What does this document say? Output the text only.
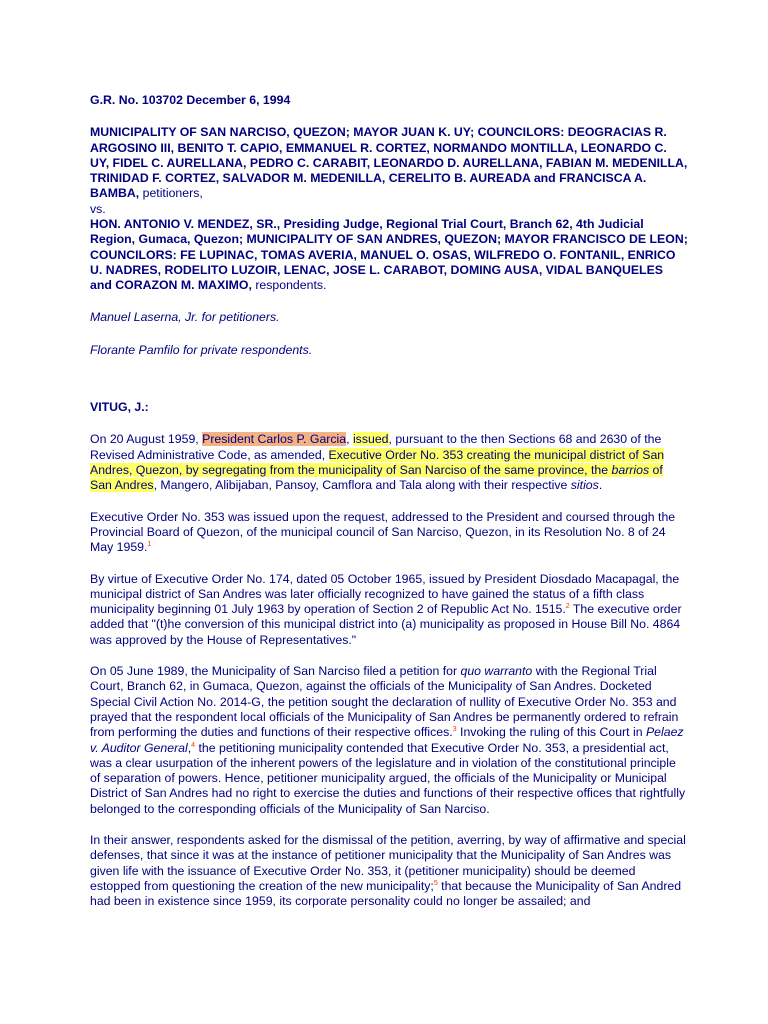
G.R. No. 103702 December 6, 1994

MUNICIPALITY OF SAN NARCISO, QUEZON; MAYOR JUAN K. UY; COUNCILORS: DEOGRACIAS R. ARGOSINO III, BENITO T. CAPIO, EMMANUEL R. CORTEZ, NORMANDO MONTILLA, LEONARDO C. UY, FIDEL C. AURELLANA, PEDRO C. CARABIT, LEONARDO D. AURELLANA, FABIAN M. MEDENILLA, TRINIDAD F. CORTEZ, SALVADOR M. MEDENILLA, CERELITO B. AUREADA and FRANCISCA A. BAMBA, petitioners,
vs.
HON. ANTONIO V. MENDEZ, SR., Presiding Judge, Regional Trial Court, Branch 62, 4th Judicial Region, Gumaca, Quezon; MUNICIPALITY OF SAN ANDRES, QUEZON; MAYOR FRANCISCO DE LEON; COUNCILORS: FE LUPINAC, TOMAS AVERIA, MANUEL O. OSAS, WILFREDO O. FONTANIL, ENRICO U. NADRES, RODELITO LUZOIR, LENAC, JOSE L. CARABOT, DOMING AUSA, VIDAL BANQUELES and CORAZON M. MAXIMO, respondents.

Manuel Laserna, Jr. for petitioners.

Florante Pamfilo for private respondents.

VITUG, J.:

On 20 August 1959, President Carlos P. Garcia, issued, pursuant to the then Sections 68 and 2630 of the Revised Administrative Code, as amended, Executive Order No. 353 creating the municipal district of San Andres, Quezon, by segregating from the municipality of San Narciso of the same province, the barrios of San Andres, Mangero, Alibijaban, Pansoy, Camflora and Tala along with their respective sitios.

Executive Order No. 353 was issued upon the request, addressed to the President and coursed through the Provincial Board of Quezon, of the municipal council of San Narciso, Quezon, in its Resolution No. 8 of 24 May 1959.$^1$

By virtue of Executive Order No. 174, dated 05 October 1965, issued by President Diosdado Macapagal, the municipal district of San Andres was later officially recognized to have gained the status of a fifth class municipality beginning 01 July 1963 by operation of Section 2 of Republic Act No. 1515.$^2$ The executive order added that "(t)he conversion of this municipal district into (a) municipality as proposed in House Bill No. 4864 was approved by the House of Representatives."

On 05 June 1989, the Municipality of San Narciso filed a petition for quo warranto with the Regional Trial Court, Branch 62, in Gumaca, Quezon, against the officials of the Municipality of San Andres. Docketed Special Civil Action No. 2014-G, the petition sought the declaration of nullity of Executive Order No. 353 and prayed that the respondent local officials of the Municipality of San Andres be permanently ordered to refrain from performing the duties and functions of their respective offices.$^3$ Invoking the ruling of this Court in Pelaez v. Auditor General,$^4$ the petitioning municipality contended that Executive Order No. 353, a presidential act, was a clear usurpation of the inherent powers of the legislature and in violation of the constitutional principle of separation of powers. Hence, petitioner municipality argued, the officials of the Municipality or Municipal District of San Andres had no right to exercise the duties and functions of their respective offices that rightfully belonged to the corresponding officials of the Municipality of San Narciso.

In their answer, respondents asked for the dismissal of the petition, averring, by way of affirmative and special defenses, that since it was at the instance of petitioner municipality that the Municipality of San Andres was given life with the issuance of Executive Order No. 353, it (petitioner municipality) should be deemed estopped from questioning the creation of the new municipality;$^5$ that because the Municipality of San Andred had been in existence since 1959, its corporate personality could no longer be assailed; and
